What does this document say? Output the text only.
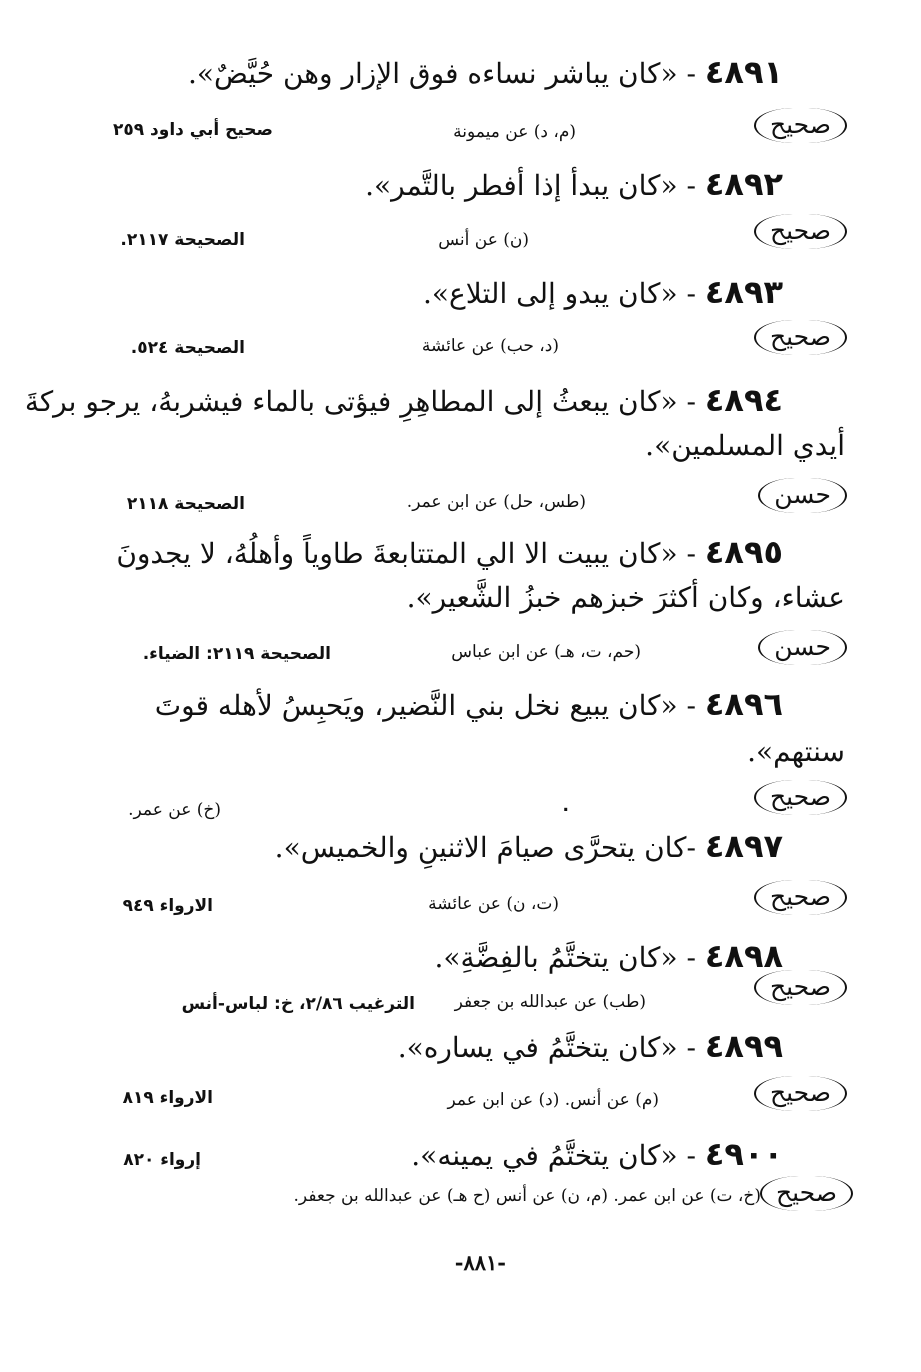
٤٨٩١ - «كان يباشر نساءه فوق الإزار وهن حُيَّضٌ».
صحيح
(م، د) عن ميمونة
صحيح أبي داود ٢٥٩
٤٨٩٢ - «كان يبدأ إذا أفطر بالتَّمر».
صحيح
(ن) عن أنس
الصحيحة ٢١١٧.
٤٨٩٣ - «كان يبدو إلى التلاع».
صحيح
(د، حب) عن عائشة
الصحيحة ٥٢٤.
٤٨٩٤ - «كان يبعثُ إلى المطاهِرِ فيؤتى بالماء فيشربهُ، يرجو بركةَ
أيدي المسلمين».
حسن
(طس، حل) عن ابن عمر.
الصحيحة ٢١١٨
٤٨٩٥ - «كان يبيت الا الي المتتابعةَ طاوياً وأهلُهُ، لا يجدونَ
عشاء، وكان أكثرَ خبزهم خبزُ الشَّعير».
حسن
(حم، ت، هـ) عن ابن عباس
الصحيحة ٢١١٩: الضياء.
٤٨٩٦ - «كان يبيع نخل بني النَّضير، ويَحبِسُ لأهله قوتَ
سنتهم».
صحيح
.
(خ) عن عمر.
٤٨٩٧ -كان يتحرَّى صيامَ الاثنينِ والخميس».
صحيح
(ت، ن) عن عائشة
الارواء ٩٤٩
٤٨٩٨ - «كان يتختَّمُ بالفِضَّةِ».
صحيح
(طب) عن عبدالله بن جعفر
الترغيب ٢/٨٦، خ: لباس-أنس
٤٨٩٩ - «كان يتختَّمُ في يساره».
صحيح
(م) عن أنس. (د) عن ابن عمر
الارواء ٨١٩
٤٩٠٠ - «كان يتختَّمُ في يمينه».
إرواء ٨٢٠
صحيح
(خ، ت) عن ابن عمر. (م، ن) عن أنس (ح هـ) عن عبدالله بن جعفر.
-٨٨١-
